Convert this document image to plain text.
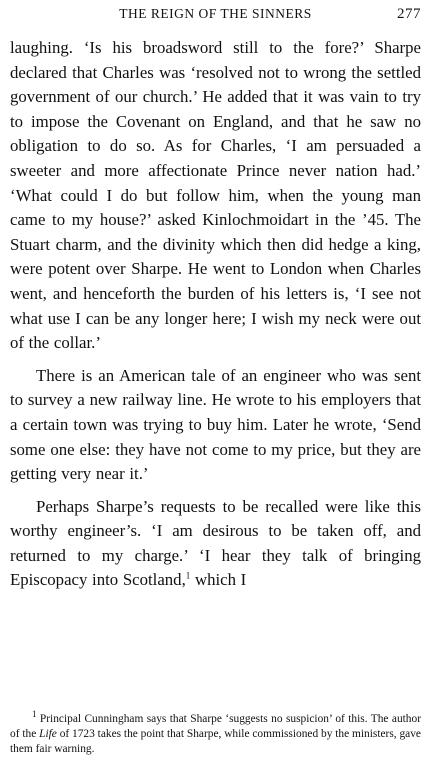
THE REIGN OF THE SINNERS	277

laughing. ‘Is his broadsword still to the fore?’ Sharpe declared that Charles was ‘resolved not to wrong the settled government of our church.’ He added that it was vain to try to impose the Covenant on England, and that he saw no obligation to do so. As for Charles, ‘I am persuaded a sweeter and more affectionate Prince never nation had.’ ‘What could I do but follow him, when the young man came to my house?’ asked Kinlochmoidart in the ’45. The Stuart charm, and the divinity which then did hedge a king, were potent over Sharpe. He went to London when Charles went, and henceforth the burden of his letters is, ‘I see not what use I can be any longer here; I wish my neck were out of the collar.’

There is an American tale of an engineer who was sent to survey a new railway line. He wrote to his employers that a certain town was trying to buy him. Later he wrote, ‘Send some one else: they have not come to my price, but they are getting very near it.’

Perhaps Sharpe’s requests to be recalled were like this worthy engineer’s. ‘I am desirous to be taken off, and returned to my charge.’ ‘I hear they talk of bringing Episcopacy into Scotland,$^1$ which I

$^1$ Principal Cunningham says that Sharpe ‘suggests no suspicion’ of this. The author of the Life of 1723 takes the point that Sharpe, while commissioned by the ministers, gave them fair warning.
